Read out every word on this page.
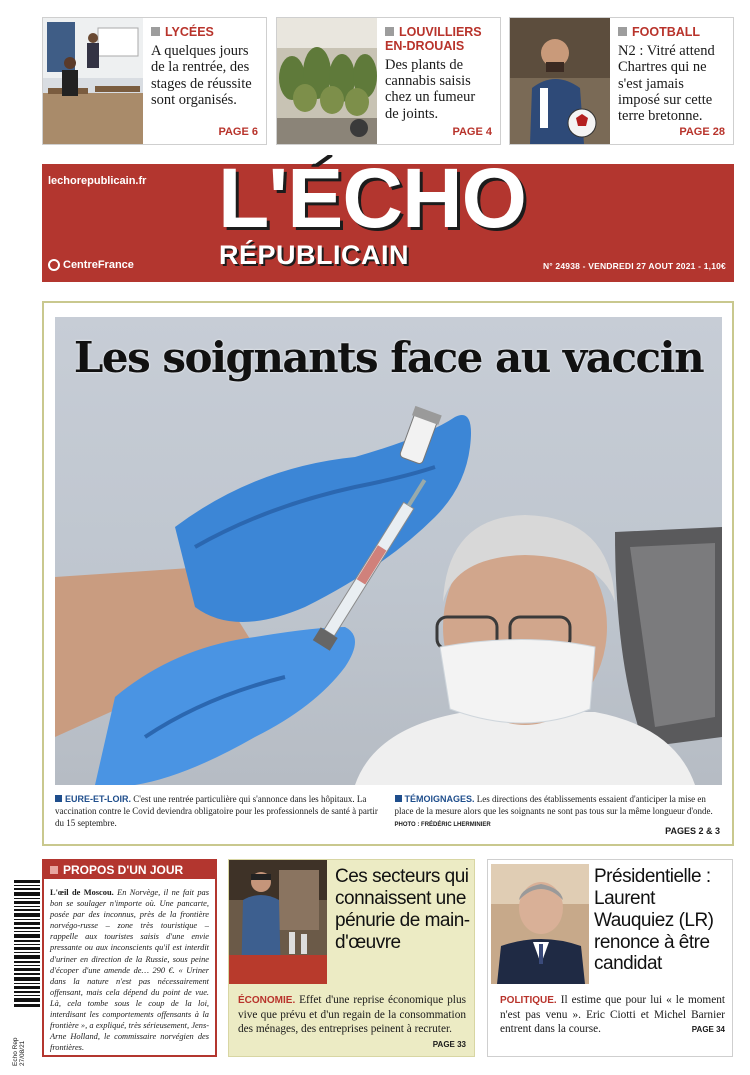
LYCÉES
A quelques jours de la rentrée, des stages de réussite sont organisés.
PAGE 6
LOUVILLIERS EN-DROUAIS
Des plants de cannabis saisis chez un fumeur de joints.
PAGE 4
FOOTBALL
N2 : Vitré attend Chartres qui ne s'est jamais imposé sur cette terre bretonne.
PAGE 28
lechorepublicain.fr L'ÉCHO
RÉPUBLICAIN
CentreFrance	N° 24938 - VENDREDI 27 AOUT 2021 - 1,10€
Les soignants face au vaccin
EURE-ET-LOIR. C'est une rentrée particulière qui s'annonce dans les hôpitaux. La vaccination contre le Covid deviendra obligatoire pour les professionnels de santé à partir du 15 septembre.
TÉMOIGNAGES. Les directions des établissements essaient d'anticiper la mise en place de la mesure alors que les soignants ne sont pas tous sur la même longueur d'onde. PHOTO : FRÉDÉRIC LHERMINIER
PAGES 2 & 3
Echo Rep 27/08/21
PROPOS D'UN JOUR
L'œil de Moscou. En Norvège, il ne fait pas bon se soulager n'importe où. Une pancarte, posée par des inconnus, près de la frontière norvégo-russe – zone très touristique – rappelle aux touristes saisis d'une envie pressante ou aux inconscients qu'il est interdit d'uriner en direction de la Russie, sous peine d'écoper d'une amende de… 290 €. « Uriner dans la nature n'est pas nécessairement offensant, mais cela dépend du point de vue. Là, cela tombe sous le coup de la loi, interdisant les comportements offensants à la frontière », a expliqué, très sérieusement, Jens-Arne Holland, le commissaire norvégien des frontières.
Ces secteurs qui connaissent une pénurie de main-d'œuvre
ÉCONOMIE. Effet d'une reprise économique plus vive que prévu et d'un regain de la consommation des ménages, des entreprises peinent à recruter.
PAGE 33
Présidentielle : Laurent Wauquiez (LR) renonce à être candidat
POLITIQUE. Il estime que pour lui « le moment n'est pas venu ». Eric Ciotti et Michel Barnier entrent dans la course.	PAGE 34
